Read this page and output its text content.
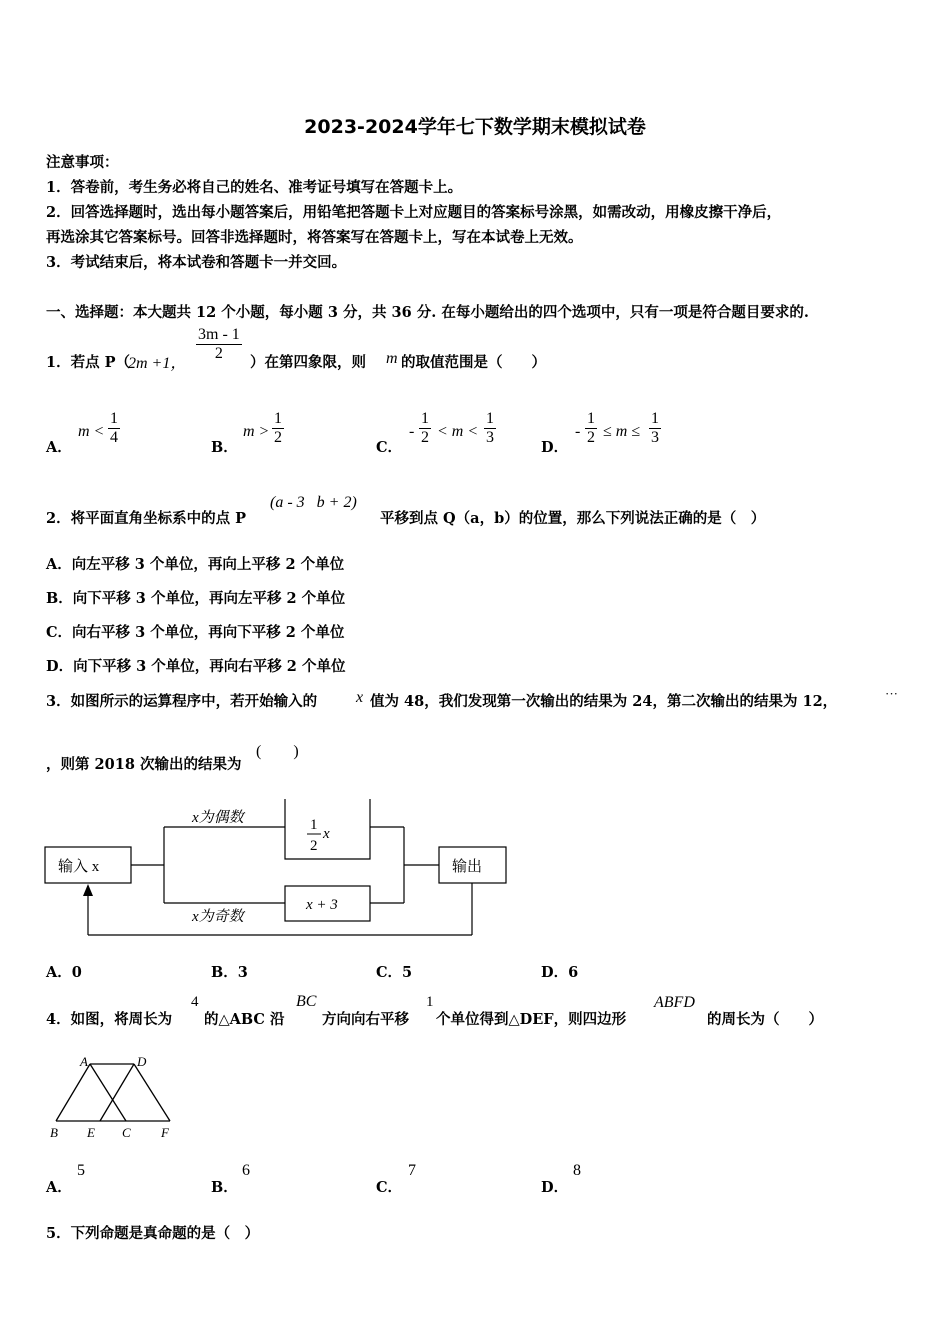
2023-2024学年七下数学期末模拟试卷
注意事项：
1．答卷前，考生务必将自己的姓名、准考证号填写在答题卡上。
2．回答选择题时，选出每小题答案后，用铅笔把答题卡上对应题目的答案标号涂黑，如需改动，用橡皮擦干净后，
再选涂其它答案标号。回答非选择题时，将答案写在答题卡上，写在本试卷上无效。
3．考试结束后，将本试卷和答题卡一并交回。
一、选择题：本大题共 12 个小题，每小题 3 分，共 36 分. 在每小题给出的四个选项中，只有一项是符合题目要求的.
1．若点 P（
2m +1，
$\frac{3m - 1}{2}$ ）在第四象限，则 m 的取值范围是（　　）
A．
$m < \frac{1}{4}$
B．
$m > \frac{1}{2}$
C．
- $\frac{1}{2} < m < \frac{1}{3}$
D．
- $\frac{1}{2} \le m \le \frac{1}{3}$
2．将平面直角坐标系中的点 P
(a - 3   b + 2)
平移到点 Q（a，b）的位置，那么下列说法正确的是（　）
A．向左平移 3 个单位，再向上平移 2 个单位
B．向下平移 3 个单位，再向左平移 2 个单位
C．向右平移 3 个单位，再向下平移 2 个单位
D．向下平移 3 个单位，再向右平移 2 个单位
3．如图所示的运算程序中，若开始输入的 x 值为 48，我们发现第一次输出的结果为 24，第二次输出的结果为 12，	···
，则第 2018 次输出的结果为
(　　)
输入 x
x为偶数
x为奇数
1
2
x
x + 3
输出
A．0	B．3	C．5	D．6
4．如图，将周长为
4
的△ABC 沿
BC
方向向右平移
1
个单位得到△DEF，则四边形
ABFD
的周长为（　　）
A	D
B E C F
A．
5
B．
6
C．
7
D．
8
5．下列命题是真命题的是（　）
